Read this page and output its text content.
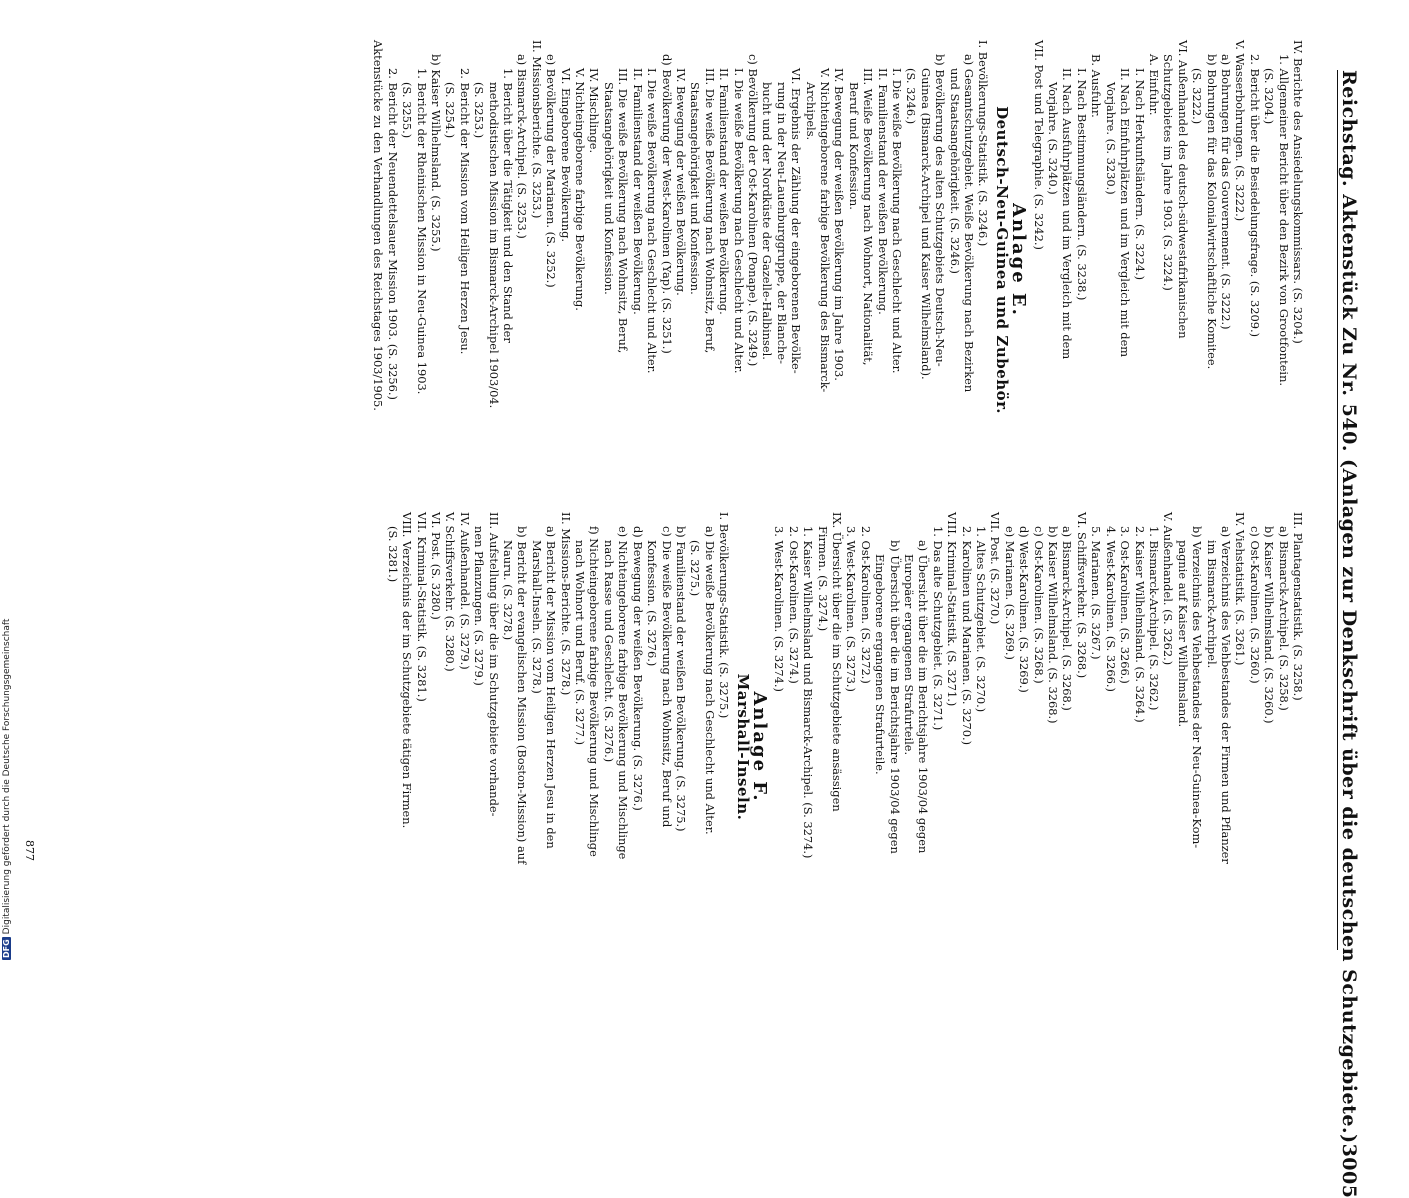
Reichstag. Aktenstück Zu Nr. 540. (Anlagen zur Denkschrift über die deutschen Schutzgebiete.)
3005
IV. Berichte des Ansiedelungskommissars. (S. 3204.)
1. Allgemeiner Bericht über den Bezirk von Grootfontein.
(S. 3204.)
2. Bericht über die Besiedelungsfrage. (S. 3209.)
V. Wasserbohrungen. (S. 3222.)
a) Bohrungen für das Gouvernement. (S. 3222.)
b) Bohrungen für das Kolonialwirtschaftliche Komitee.
(S. 3222.)
VI. Außenhandel des deutsch-südwestafrikanischen
Schutzgebietes im Jahre 1903. (S. 3224.)
A. Einfuhr.
I. Nach Herkunftsländern. (S. 3224.)
II. Nach Einfuhrplätzen und im Vergleich mit dem
Vorjahre. (S. 3230.)
B. Ausfuhr.
I. Nach Bestimmungsländern. (S. 3238.)
II. Nach Ausfuhrplätzen und im Vergleich mit dem
Vorjahre. (S. 3240.)
VII. Post und Telegraphie. (S. 3242.)
Anlage E.
Deutsch-Neu-Guinea und Zubehör.
I. Bevölkerungs-Statistik. (S. 3246.)
a) Gesamtschutzgebiet. Weiße Bevölkerung nach Bezirken
und Staatsangehörigkeit. (S. 3246.)
b) Bevölkerung des alten Schutzgebiets Deutsch-Neu-
Guinea (Bismarck-Archipel und Kaiser Wilhelmsland).
(S. 3246.)
I. Die weiße Bevölkerung nach Geschlecht und Alter.
II. Familienstand der weißen Bevölkerung.
III. Weiße Bevölkerung nach Wohnort, Nationalität,
Beruf und Konfession.
IV. Bewegung der weißen Bevölkerung im Jahre 1903.
V. Nichteingeborene farbige Bevölkerung des Bismarck-
Archipels.
VI. Ergebnis der Zählung der eingeborenen Bevölke-
rung in der Neu-Lauenburggruppe, der Blanche-
bucht und der Nordküste der Gazelle-Halbinsel.
c) Bevölkerung der Ost-Karolinen (Ponape). (S. 3249.)
I. Die weiße Bevölkerung nach Geschlecht und Alter.
II. Familienstand der weißen Bevölkerung.
III. Die weiße Bevölkerung nach Wohnsitz, Beruf,
Staatsangehörigkeit und Konfession.
IV. Bewegung der weißen Bevölkerung.
d) Bevölkerung der West-Karolinen (Yap). (S. 3251.)
I. Die weiße Bevölkerung nach Geschlecht und Alter.
II. Familienstand der weißen Bevölkerung.
III. Die weiße Bevölkerung nach Wohnsitz, Beruf,
Staatsangehörigkeit und Konfession.
IV. Mischlinge.
V. Nichteingeborene farbige Bevölkerung.
VI. Eingeborene Bevölkerung.
e) Bevölkerung der Marianen. (S. 3252.)
II. Missionsberichte. (S. 3253.)
a) Bismarck-Archipel. (S. 3253.)
1. Bericht über die Tätigkeit und den Stand der
methodistischen Mission im Bismarck-Archipel 1903/04.
(S. 3253.)
2. Bericht der Mission vom Heiligen Herzen Jesu.
(S. 3254.)
b) Kaiser Wilhelmsland. (S. 3255.)
1. Bericht der Rheinischen Mission in Neu-Guinea 1903.
(S. 3255.)
2. Bericht der Neuendettelsauer Mission 1903. (S. 3256.)
Aktenstücke zu den Verhandlungen des Reichstages 1903/1905.
III. Plantagenstatistik. (S. 3258.)
a) Bismarck-Archipel. (S. 3258.)
b) Kaiser Wilhelmsland. (S. 3260.)
c) Ost-Karolinen. (S. 3260.)
IV. Viehstatistik. (S. 3261.)
a) Verzeichnis des Viehbestandes der Firmen und Pflanzer
im Bismarck-Archipel.
b) Verzeichnis des Viehbestandes der Neu-Guinea-Kom-
pagnie auf Kaiser Wilhelmsland.
V. Außenhandel. (S. 3262.)
1. Bismarck-Archipel. (S. 3262.)
2. Kaiser Wilhelmsland. (S. 3264.)
3. Ost-Karolinen. (S. 3266.)
4. West-Karolinen. (S. 3266.)
5. Marianen. (S. 3267.)
VI. Schiffsverkehr. (S. 3268.)
a) Bismarck-Archipel. (S. 3268.)
b) Kaiser Wilhelmsland. (S. 3268.)
c) Ost-Karolinen. (S. 3268.)
d) West-Karolinen. (S. 3269.)
e) Marianen. (S. 3269.)
VII. Post. (S. 3270.)
1. Altes Schutzgebiet. (S. 3270.)
2. Karolinen und Marianen. (S. 3270.)
VIII. Kriminal-Statistik. (S. 3271.)
1. Das alte Schutzgebiet. (S. 3271.)
a) Übersicht über die im Berichtsjahre 1903/04 gegen
Europäer ergangenen Strafurteile.
b) Übersicht über die im Berichtsjahre 1903/04 gegen
Eingeborene ergangenen Strafurteile.
2. Ost-Karolinen. (S. 3272.)
3. West-Karolinen. (S. 3273.)
IX. Übersicht über die im Schutzgebiete ansässigen
Firmen. (S. 3274.)
1. Kaiser Wilhelmsland und Bismarck-Archipel. (S. 3274.)
2. Ost-Karolinen. (S. 3274.)
3. West-Karolinen. (S. 3274.)
Anlage F.
Marshall-Inseln.
I. Bevölkerungs-Statistik. (S. 3275.)
a) Die weiße Bevölkerung nach Geschlecht und Alter.
(S. 3275.)
b) Familienstand der weißen Bevölkerung. (S. 3275.)
c) Die weiße Bevölkerung nach Wohnsitz, Beruf und
Konfession. (S. 3276.)
d) Bewegung der weißen Bevölkerung. (S. 3276.)
e) Nichteingeborene farbige Bevölkerung und Mischlinge
nach Rasse und Geschlecht. (S. 3276.)
f) Nichteingeborene farbige Bevölkerung und Mischlinge
nach Wohnort und Beruf. (S. 3277.)
II. Missions-Berichte. (S. 3278.)
a) Bericht der Mission vom Heiligen Herzen Jesu in den
Marshall-Inseln. (S. 3278.)
b) Bericht der evangelischen Mission (Boston-Mission) auf
Nauru. (S. 3278.)
III. Aufstellung über die im Schutzgebiete vorhande-
nen Pflanzungen. (S. 3279.)
IV. Außenhandel. (S. 3279.)
V. Schiffsverkehr. (S. 3280.)
VI. Post. (S. 3280.)
VII. Kriminal-Statistik. (S. 3281.)
VIII. Verzeichnis der im Schutzgebiete tätigen Firmen.
(S. 3281.)
877
DFGDigitalisierung gefördert durch die Deutsche Forschungsgemeinschaft
